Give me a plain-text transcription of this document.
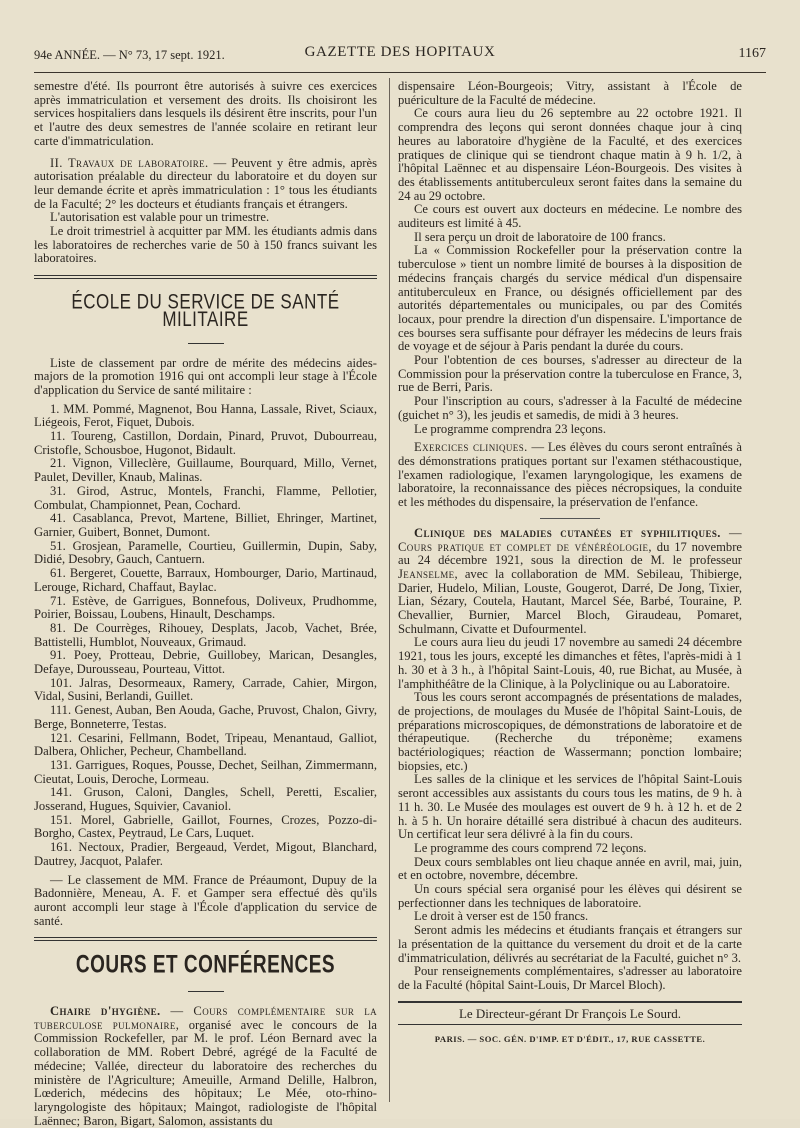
94e ANNÉE. — N° 73, 17 sept. 1921.	GAZETTE DES HOPITAUX	1167

semestre d'été. Ils pourront être autorisés à suivre ces exercices après immatriculation et versement des droits. Ils choisiront les services hospitaliers dans lesquels ils désirent être inscrits, pour l'un et l'autre des deux semestres de l'année scolaire en retirant leur carte d'immatriculation.

II. Travaux de laboratoire. — Peuvent y être admis, après autorisation préalable du directeur du laboratoire et du doyen sur leur demande écrite et après immatriculation : 1° tous les étudiants de la Faculté; 2° les docteurs et étudiants français et étrangers.

L'autorisation est valable pour un trimestre.

Le droit trimestriel à acquitter par MM. les étudiants admis dans les laboratoires de recherches varie de 50 à 150 francs suivant les laboratoires.

ÉCOLE DU SERVICE DE SANTÉ MILITAIRE

Liste de classement par ordre de mérite des médecins aides-majors de la promotion 1916 qui ont accompli leur stage à l'École d'application du Service de santé militaire :

1. MM. Pommé, Magnenot, Bou Hanna, Lassale, Rivet, Sciaux, Liégeois, Ferot, Fiquet, Dubois.

11. Toureng, Castillon, Dordain, Pinard, Pruvot, Dubourreau, Cristofle, Schousboe, Hugonot, Bidault.

21. Vignon, Villeclère, Guillaume, Bourquard, Millo, Vernet, Paulet, Deviller, Knaub, Malinas.

31. Girod, Astruc, Montels, Franchi, Flamme, Pellotier, Combulat, Championnet, Pean, Cochard.

41. Casablanca, Prevot, Martene, Billiet, Ehringer, Martinet, Garnier, Guibert, Bonnet, Dumont.

51. Grosjean, Paramelle, Courtieu, Guillermin, Dupin, Saby, Didié, Desobry, Gauch, Cantuern.

61. Bergeret, Couette, Barraux, Hombourger, Dario, Martinaud, Lerouge, Richard, Chaffaut, Baylac.

71. Estève, de Garrigues, Bonnefous, Doliveux, Prudhomme, Poirier, Boissau, Loubens, Hinault, Deschamps.

81. De Courrèges, Rihouey, Desplats, Jacob, Vachet, Brée, Battistelli, Humblot, Nouveaux, Grimaud.

91. Poey, Protteau, Debrie, Guillobey, Marican, Desangles, Defaye, Durousseau, Pourteau, Vittot.

101. Jalras, Desormeaux, Ramery, Carrade, Cahier, Mirgon, Vidal, Susini, Berlandi, Guillet.

111. Genest, Auban, Ben Aouda, Gache, Pruvost, Chalon, Givry, Berge, Bonneterre, Testas.

121. Cesarini, Fellmann, Bodet, Tripeau, Menantaud, Galliot, Dalbera, Ohlicher, Pecheur, Chambelland.

131. Garrigues, Roques, Pousse, Dechet, Seilhan, Zimmermann, Cieutat, Louis, Deroche, Lormeau.

141. Gruson, Caloni, Dangles, Schell, Peretti, Escalier, Josserand, Hugues, Squivier, Cavaniol.

151. Morel, Gabrielle, Gaillot, Fournes, Crozes, Pozzo-di-Borgho, Castex, Peytraud, Le Cars, Luquet.

161. Nectoux, Pradier, Bergeaud, Verdet, Migout, Blanchard, Dautrey, Jacquot, Palafer.

— Le classement de MM. France de Préaumont, Dupuy de la Badonnière, Meneau, A. F. et Gamper sera effectué dès qu'ils auront accompli leur stage à l'École d'application du service de santé.

COURS ET CONFÉRENCES

Chaire d'hygiène. — Cours complémentaire sur la tuberculose pulmonaire, organisé avec le concours de la Commission Rockefeller, par M. le prof. Léon Bernard avec la collaboration de MM. Robert Debré, agrégé de la Faculté de médecine; Vallée, directeur du laboratoire des recherches du ministère de l'Agriculture; Ameuille, Armand Delille, Halbron, Lœderich, médecins des hôpitaux; Le Mée, oto-rhino-laryngologiste des hôpitaux; Maingot, radiologiste de l'hôpital Laënnec; Baron, Bigart, Salomon, assistants du

dispensaire Léon-Bourgeois; Vitry, assistant à l'École de puériculture de la Faculté de médecine.

Ce cours aura lieu du 26 septembre au 22 octobre 1921. Il comprendra des leçons qui seront données chaque jour à cinq heures au laboratoire d'hygiène de la Faculté, et des exercices pratiques de clinique qui se tiendront chaque matin à 9 h. 1/2, à l'hôpital Laënnec et au dispensaire Léon-Bourgeois. Des visites à des établissements antituberculeux seront faites dans la semaine du 24 au 29 octobre.

Ce cours est ouvert aux docteurs en médecine. Le nombre des auditeurs est limité à 45.

Il sera perçu un droit de laboratoire de 100 francs.

La « Commission Rockefeller pour la préservation contre la tuberculose » tient un nombre limité de bourses à la disposition de médecins français chargés du service médical d'un dispensaire antituberculeux en France, ou désignés officiellement par des autorités départementales ou municipales, ou par des Comités locaux, pour prendre la direction d'un dispensaire. L'importance de ces bourses sera suffisante pour défrayer les médecins de leurs frais de voyage et de séjour à Paris pendant la durée du cours.

Pour l'obtention de ces bourses, s'adresser au directeur de la Commission pour la préservation contre la tuberculose en France, 3, rue de Berri, Paris.

Pour l'inscription au cours, s'adresser à la Faculté de médecine (guichet n° 3), les jeudis et samedis, de midi à 3 heures.

Le programme comprendra 23 leçons.

Exercices cliniques. — Les élèves du cours seront entraînés à des démonstrations pratiques portant sur l'examen stéthacoustique, l'examen radiologique, l'examen laryngologique, les examens de laboratoire, la reconnaissance des pièces nécropsiques, la conduite et les méthodes du dispensaire, la préservation de l'enfance.

Clinique des maladies cutanées et syphilitiques. — Cours pratique et complet de vénéréologie, du 17 novembre au 24 décembre 1921, sous la direction de M. le professeur Jeanselme, avec la collaboration de MM. Sebileau, Thibierge, Darier, Hudelo, Milian, Louste, Gougerot, Darré, De Jong, Tixier, Lian, Sézary, Coutela, Hautant, Marcel Sée, Barbé, Touraine, P. Chevallier, Burnier, Marcel Bloch, Giraudeau, Pomaret, Schulmann, Civatte et Dufourmentel.

Le cours aura lieu du jeudi 17 novembre au samedi 24 décembre 1921, tous les jours, excepté les dimanches et fêtes, l'après-midi à 1 h. 30 et à 3 h., à l'hôpital Saint-Louis, 40, rue Bichat, au Musée, à l'amphithéâtre de la Clinique, à la Polyclinique ou au Laboratoire.

Tous les cours seront accompagnés de présentations de malades, de projections, de moulages du Musée de l'hôpital Saint-Louis, de préparations microscopiques, de démonstrations de laboratoire et de thérapeutique. (Recherche du tréponème; examens bactériologiques; réaction de Wassermann; ponction lombaire; biopsies, etc.)

Les salles de la clinique et les services de l'hôpital Saint-Louis seront accessibles aux assistants du cours tous les matins, de 9 h. à 11 h. 30. Le Musée des moulages est ouvert de 9 h. à 12 h. et de 2 h. à 5 h. Un horaire détaillé sera distribué à chacun des auditeurs. Un certificat leur sera délivré à la fin du cours.

Le programme des cours comprend 72 leçons.

Deux cours semblables ont lieu chaque année en avril, mai, juin, et en octobre, novembre, décembre.

Un cours spécial sera organisé pour les élèves qui désirent se perfectionner dans les techniques de laboratoire.

Le droit à verser est de 150 francs.

Seront admis les médecins et étudiants français et étrangers sur la présentation de la quittance du versement du droit et de la carte d'immatriculation, délivrés au secrétariat de la Faculté, guichet n° 3.

Pour renseignements complémentaires, s'adresser au laboratoire de la Faculté (hôpital Saint-Louis, Dr Marcel Bloch).

Le Directeur-gérant Dr François Le Sourd.
PARIS. — SOC. GÉN. D'IMP. ET D'ÉDIT., 17, RUE CASSETTE.
